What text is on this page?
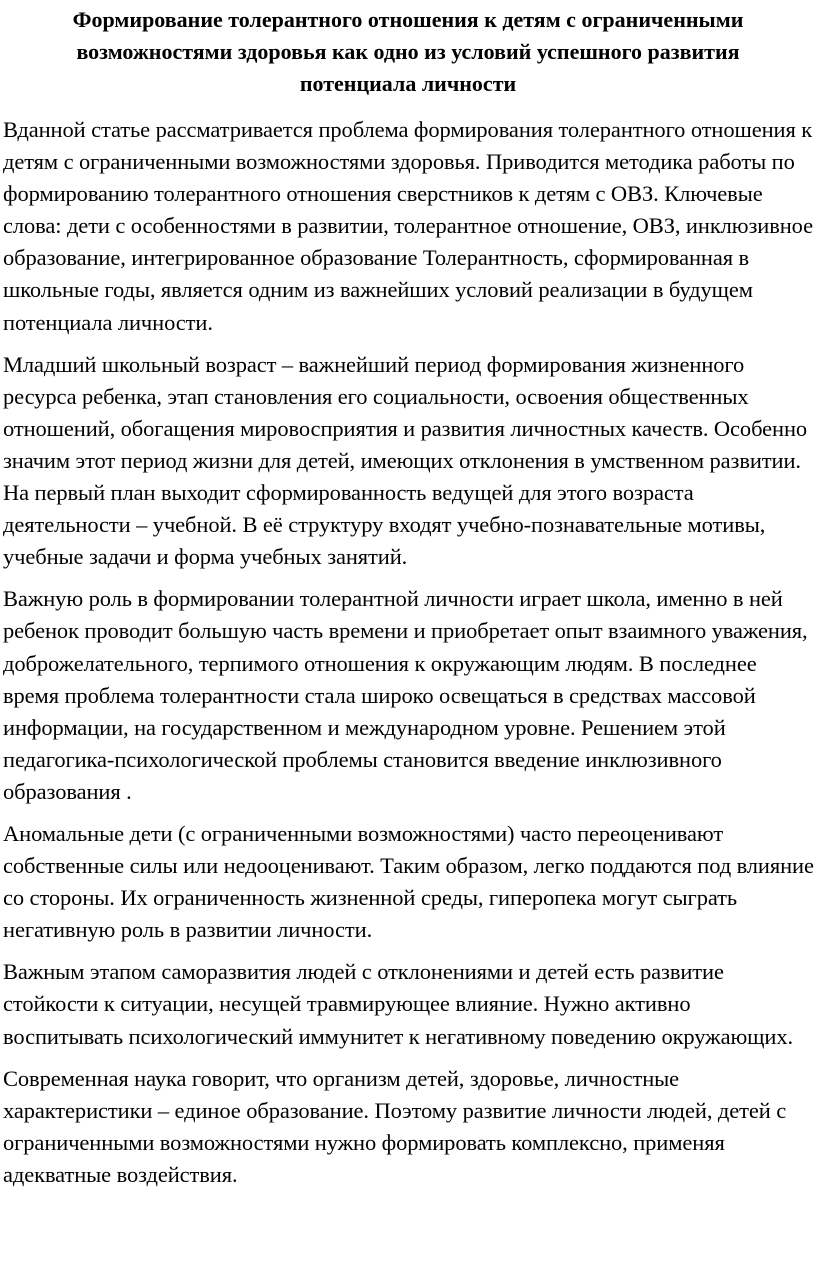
Формирование толерантного отношения к детям с ограниченными возможностями здоровья как одно из условий успешного развития потенциала личности

Вданной статье рассматривается проблема формирования толерантного отношения к детям с ограниченными возможностями здоровья. Приводится методика работы по формированию толерантного отношения сверстников к детям с ОВЗ. Ключевые слова: дети с особенностями в развитии, толерантное отношение, ОВЗ, инклюзивное образование, интегрированное образование Толерантность, сформированная в школьные годы, является одним из важнейших условий реализации в будущем потенциала личности.

Младший школьный возраст – важнейший период формирования жизненного ресурса ребенка, этап становления его социальности, освоения общественных отношений, обогащения мировосприятия и развития личностных качеств. Особенно значим этот период жизни для детей, имеющих отклонения в умственном развитии. На первый план выходит сформированность ведущей для этого возраста деятельности – учебной. В её структуру входят учебно-познавательные мотивы, учебные задачи и форма учебных занятий.

Важную роль в формировании толерантной личности играет школа, именно в ней ребенок проводит большую часть времени и приобретает опыт взаимного уважения, доброжелательного, терпимого отношения к окружающим людям. В последнее время проблема толерантности стала широко освещаться в средствах массовой информации, на государственном и международном уровне. Решением этой педагогика-психологической проблемы становится введение инклюзивного образования .

Аномальные дети (с ограниченными возможностями) часто переоценивают собственные силы или недооценивают. Таким образом, легко поддаются под влияние со стороны. Их ограниченность жизненной среды, гиперопека могут сыграть негативную роль в развитии личности.

Важным этапом саморазвития людей с отклонениями и детей есть развитие стойкости к ситуации, несущей травмирующее влияние. Нужно активно воспитывать психологический иммунитет к негативному поведению окружающих.

Современная наука говорит, что организм детей, здоровье, личностные характеристики – единое образование. Поэтому развитие личности людей, детей с ограниченными возможностями нужно формировать комплексно, применяя адекватные воздействия.
